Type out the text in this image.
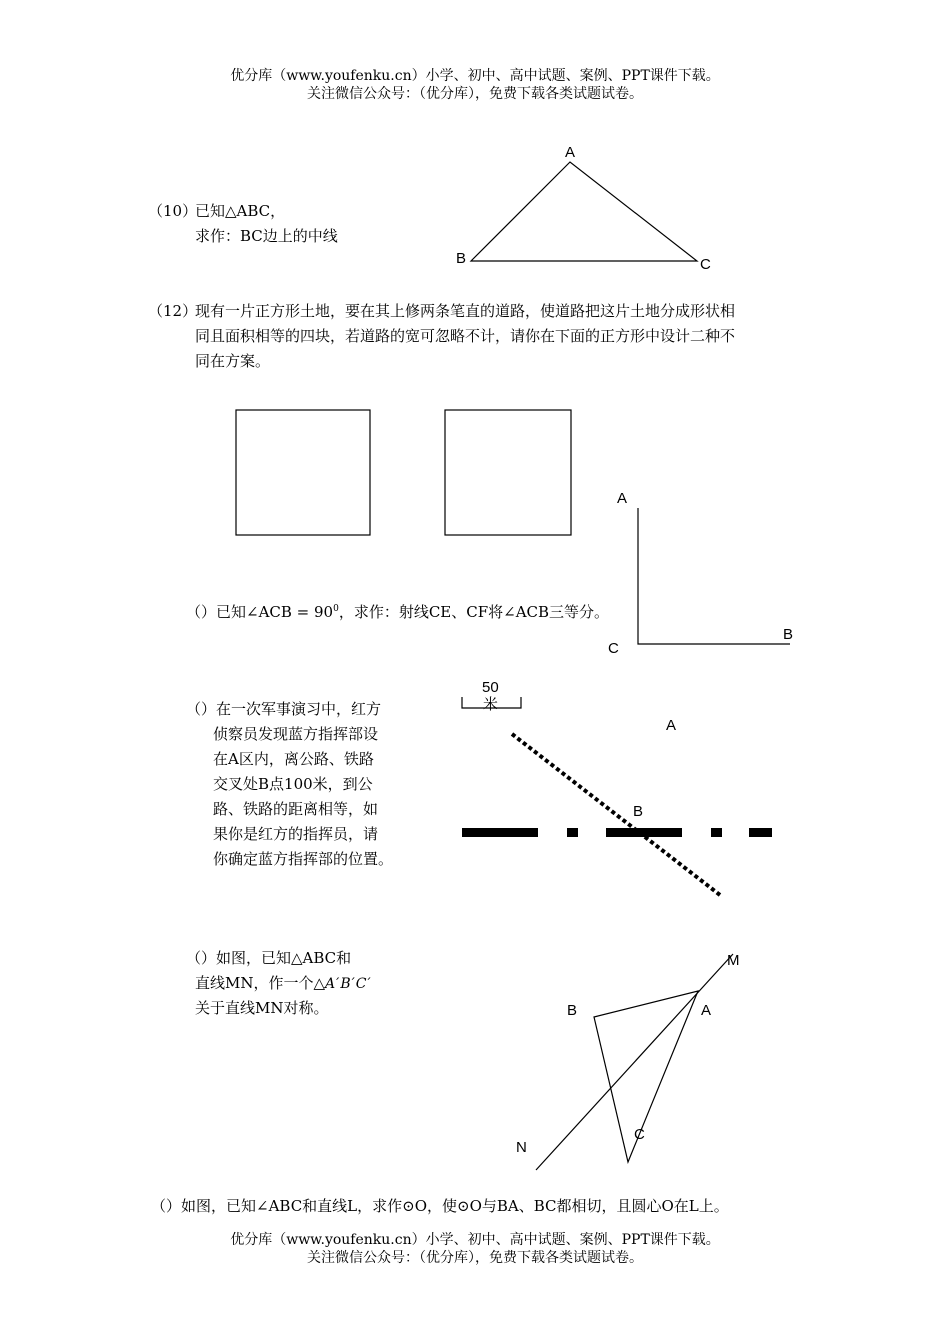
优分库（www.youfenku.cn）小学、初中、高中试题、案例、PPT课件下载。
关注微信公众号：（优分库），免费下载各类试题试卷。
A
B	C
（10）
已知△ABC，
求作：BC边上的中线
（12）
现有一片正方形土地，要在其上修两条笔直的道路，使道路把这片土地分成形状相
同且面积相等的四块，若道路的宽可忽略不计，请你在下面的正方形中设计二种不
同在方案。
A
B
C
（）已知∠ACB = $90^0$，求作：射线CE、CF将∠ACB三等分。
50
米
A
B
（）在一次军事演习中，红方
侦察员发现蓝方指挥部设
在A区内，离公路、铁路
交叉处B点100米，到公
路、铁路的距离相等，如
果你是红方的指挥员，请
你确定蓝方指挥部的位置。
（）如图，已知△ABC和
直线MN，作一个△A′B′C′
关于直线MN对称。
M
A
B
C
N
（）如图，已知∠ABC和直线L，求作⊙O，使⊙O与BA、BC都相切，且圆心O在L上。
优分库（www.youfenku.cn）小学、初中、高中试题、案例、PPT课件下载。
关注微信公众号：（优分库），免费下载各类试题试卷。
